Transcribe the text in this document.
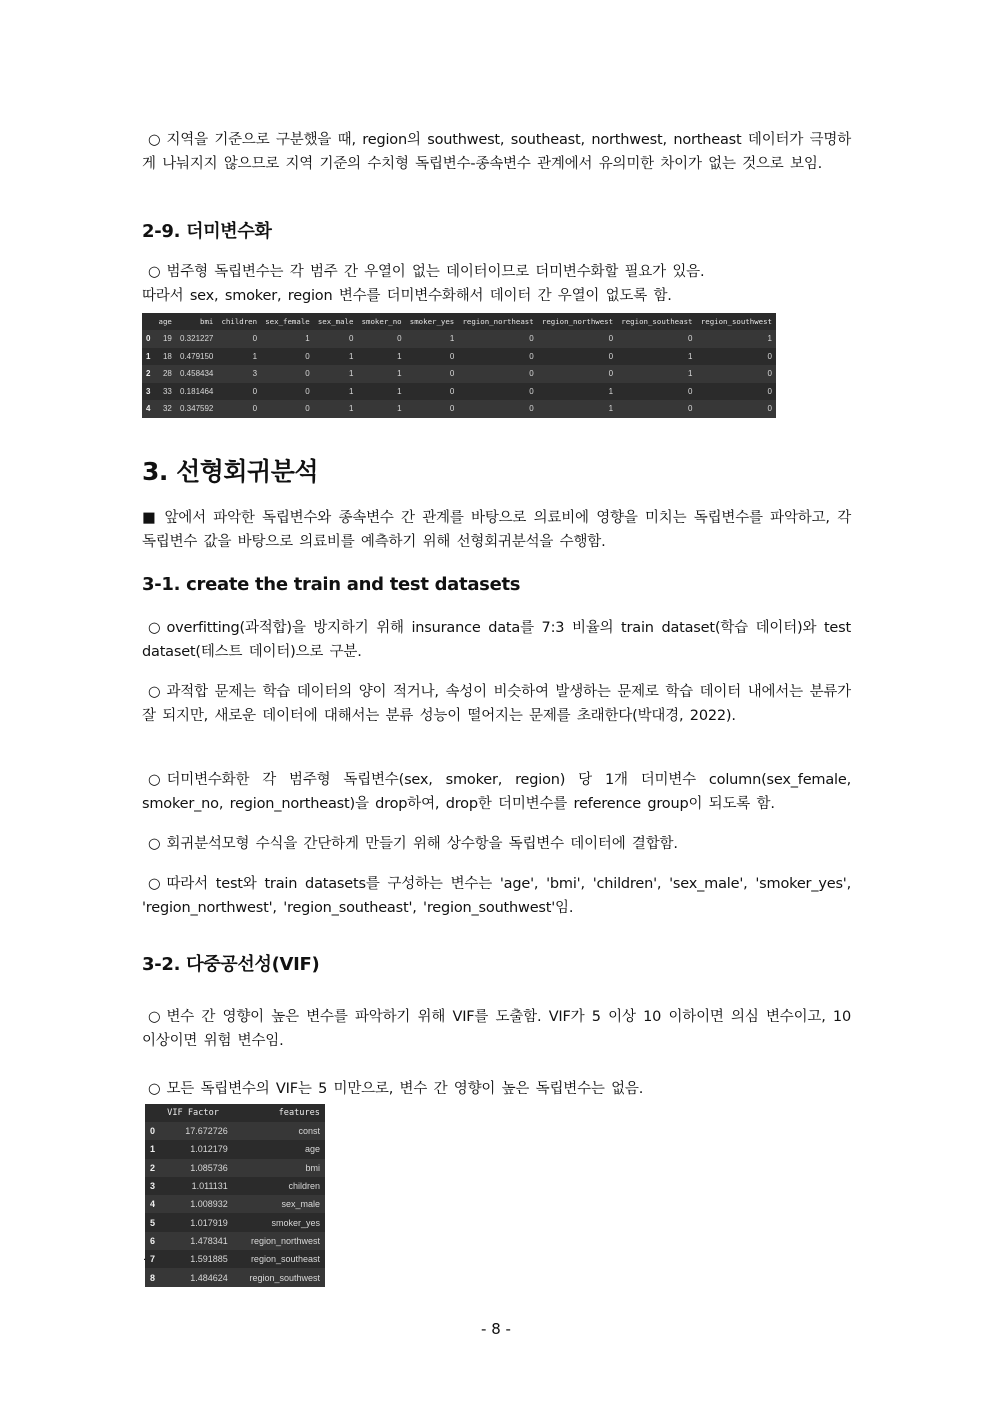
○ 지역을 기준으로 구분했을 때, region의 southwest, southeast, northwest, northeast 데이터가 극명하게 나눠지지 않으므로 지역 기준의 수치형 독립변수-종속변수 관계에서 유의미한 차이가 없는 것으로 보임.
2-9. 더미변수화
○ 범주형 독립변수는 각 범주 간 우열이 없는 데이터이므로 더미변수화할 필요가 있음.
따라서 sex, smoker, region 변수를 더미변수화해서 데이터 간 우열이 없도록 함.
	age	bmi	children	sex_female	sex_male	smoker_no	smoker_yes	region_northeast	region_northwest	region_southeast	region_southwest
0	19	0.321227	0	1	0	0	1	0	0	0	1
1	18	0.479150	1	0	1	1	0	0	0	1	0
2	28	0.458434	3	0	1	1	0	0	0	1	0
3	33	0.181464	0	0	1	1	0	0	1	0	0
4	32	0.347592	0	0	1	1	0	0	1	0	0
3. 선형회귀분석
■ 앞에서 파악한 독립변수와 종속변수 간 관계를 바탕으로 의료비에 영향을 미치는 독립변수를 파악하고, 각 독립변수 값을 바탕으로 의료비를 예측하기 위해 선형회귀분석을 수행함.
3-1. create the train and test datasets
○ overfitting(과적합)을 방지하기 위해 insurance data를 7:3 비율의 train dataset(학습 데이터)와 test dataset(테스트 데이터)으로 구분.
○ 과적합 문제는 학습 데이터의 양이 적거나, 속성이 비슷하여 발생하는 문제로 학습 데이터 내에서는 분류가 잘 되지만, 새로운 데이터에 대해서는 분류 성능이 떨어지는 문제를 초래한다(박대경, 2022).
○ 더미변수화한 각 범주형 독립변수(sex, smoker, region) 당 1개 더미변수 column(sex_female, smoker_no, region_northeast)을 drop하여, drop한 더미변수를 reference group이 되도록 함.
○ 회귀분석모형 수식을 간단하게 만들기 위해 상수항을 독립변수 데이터에 결합함.
○ 따라서 test와 train datasets를 구성하는 변수는 'age', 'bmi', 'children', 'sex_male', 'smoker_yes', 'region_northwest', 'region_southeast', 'region_southwest'임.
3-2. 다중공선성(VIF)
○ 변수 간 영향이 높은 변수를 파악하기 위해 VIF를 도출함. VIF가 5 이상 10 이하이면 의심 변수이고, 10 이상이면 위험 변수임.
○ 모든 독립변수의 VIF는 5 미만으로, 변수 간 영향이 높은 독립변수는 없음.
	VIF Factor	features
0	17.672726	const
1	1.012179	age
2	1.085736	bmi
3	1.011131	children
4	1.008932	sex_male
5	1.017919	smoker_yes
6	1.478341	region_northwest
7	1.591885	region_southeast
8	1.484624	region_southwest
·
- 8 -
